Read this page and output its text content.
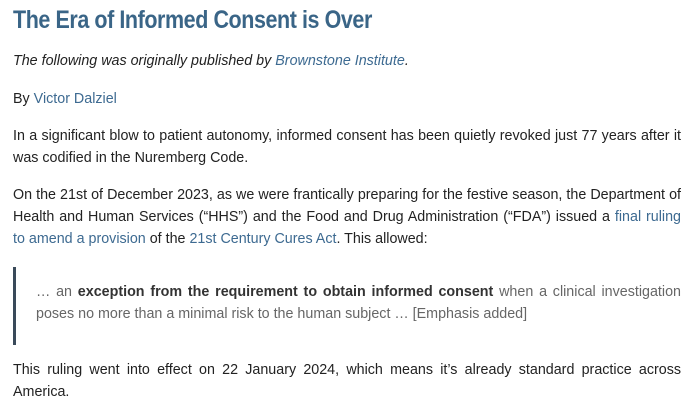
The Era of Informed Consent is Over

The following was originally published by Brownstone Institute.

By Victor Dalziel

In a significant blow to patient autonomy, informed consent has been quietly revoked just 77 years after it was codified in the Nuremberg Code.

On the 21st of December 2023, as we were frantically preparing for the festive season, the Department of Health and Human Services (“HHS”) and the Food and Drug Administration (“FDA”) issued a final ruling to amend a provision of the 21st Century Cures Act. This allowed:

… an exception from the requirement to obtain informed consent when a clinical investigation poses no more than a minimal risk to the human subject … [Emphasis added]

This ruling went into effect on 22 January 2024, which means it’s already standard practice across America.
